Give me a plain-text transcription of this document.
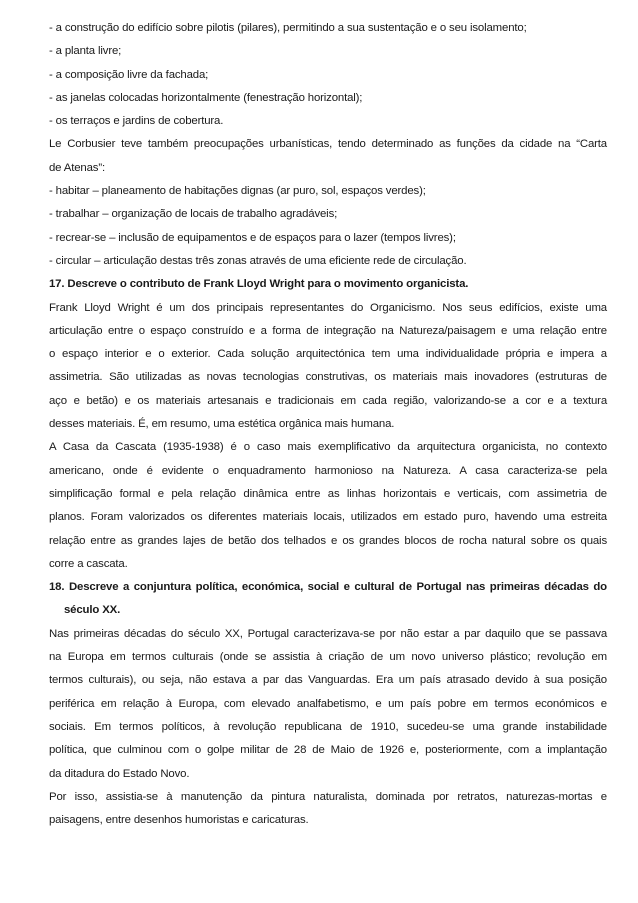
- a construção do edifício sobre pilotis (pilares), permitindo a sua sustentação e o seu isolamento;
- a planta livre;
- a composição livre da fachada;
- as janelas colocadas horizontalmente (fenestração horizontal);
- os terraços e jardins de cobertura.
Le Corbusier teve também preocupações urbanísticas, tendo determinado as funções da cidade na “Carta
de Atenas”:
- habitar – planeamento de habitações dignas (ar puro, sol, espaços verdes);
- trabalhar – organização de locais de trabalho agradáveis;
- recrear-se – inclusão de equipamentos e de espaços para o lazer (tempos livres);
- circular – articulação destas três zonas através de uma eficiente rede de circulação.
17. Descreve o contributo de Frank Lloyd Wright para o movimento organicista.
Frank Lloyd Wright é um dos principais representantes do Organicismo. Nos seus edifícios, existe uma
articulação entre o espaço construído e a forma de integração na Natureza/paisagem e uma relação entre
o espaço interior e o exterior. Cada solução arquitectónica tem uma individualidade própria e impera a
assimetria. São utilizadas as novas tecnologias construtivas, os materiais mais inovadores (estruturas de
aço e betão) e os materiais artesanais e tradicionais em cada região, valorizando-se a cor e a textura
desses materiais. É, em resumo, uma estética orgânica mais humana.
A Casa da Cascata (1935-1938) é o caso mais exemplificativo da arquitectura organicista, no contexto
americano, onde é evidente o enquadramento harmonioso na Natureza. A casa caracteriza-se pela
simplificação formal e pela relação dinâmica entre as linhas horizontais e verticais, com assimetria de
planos. Foram valorizados os diferentes materiais locais, utilizados em estado puro, havendo uma estreita
relação entre as grandes lajes de betão dos telhados e os grandes blocos de rocha natural sobre os quais
corre a cascata.
18. Descreve a conjuntura política, económica, social e cultural de Portugal nas primeiras décadas do
século XX.
Nas primeiras décadas do século XX, Portugal caracterizava-se por não estar a par daquilo que se passava
na Europa em termos culturais (onde se assistia à criação de um novo universo plástico; revolução em
termos culturais), ou seja, não estava a par das Vanguardas. Era um país atrasado devido à sua posição
periférica em relação à Europa, com elevado analfabetismo, e um país pobre em termos económicos e
sociais. Em termos políticos, à revolução republicana de 1910, sucedeu-se uma grande instabilidade
política, que culminou com o golpe militar de 28 de Maio de 1926 e, posteriormente, com a implantação
da ditadura do Estado Novo.
Por isso, assistia-se à manutenção da pintura naturalista, dominada por retratos, naturezas-mortas e
paisagens, entre desenhos humoristas e caricaturas.
